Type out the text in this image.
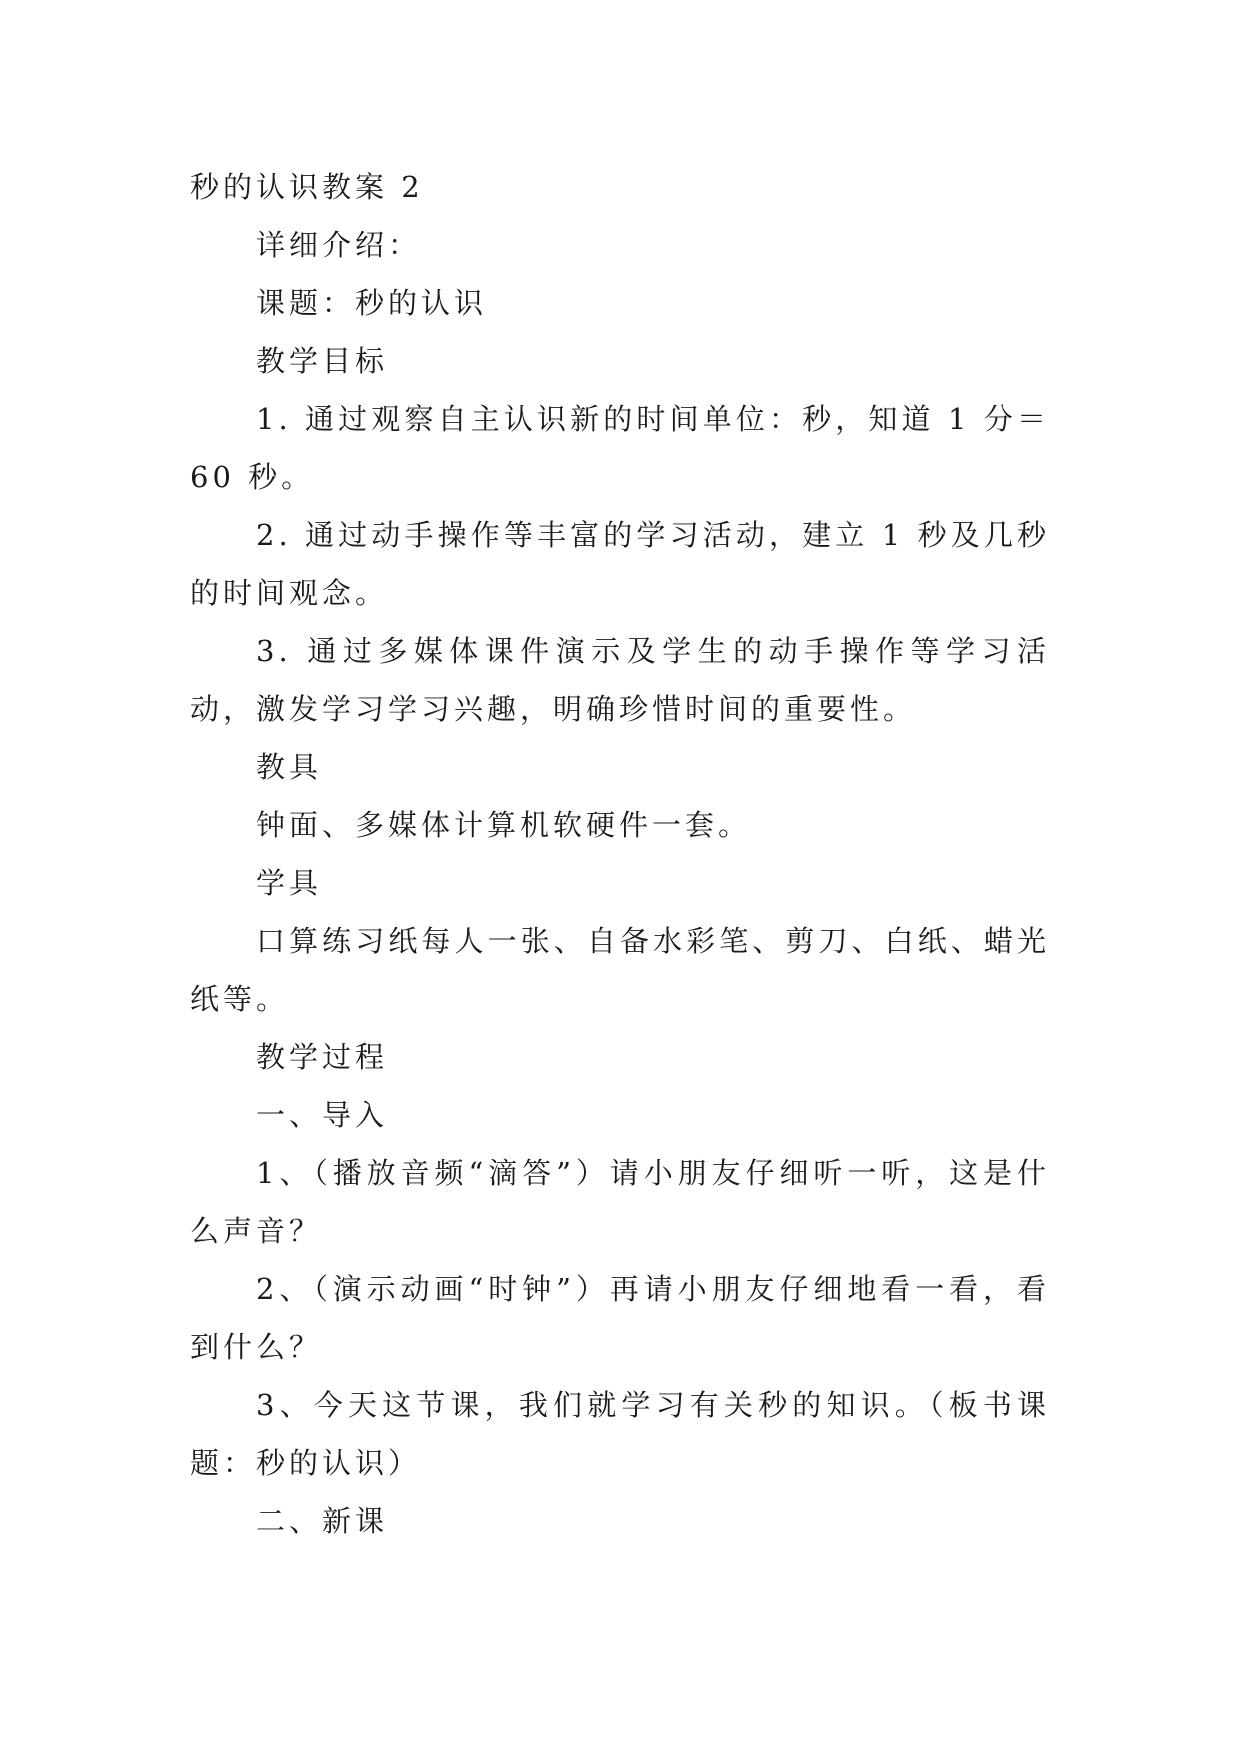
秒的认识教案 2

详细介绍：

课题：秒的认识

教学目标

1. 通过观察自主认识新的时间单位：秒，知道 1 分＝60 秒。

2. 通过动手操作等丰富的学习活动，建立 1 秒及几秒的时间观念。

3. 通过多媒体课件演示及学生的动手操作等学习活动，激发学习学习兴趣，明确珍惜时间的重要性。

教具

钟面、多媒体计算机软硬件一套。

学具

口算练习纸每人一张、自备水彩笔、剪刀、白纸、蜡光纸等。

教学过程

一、导入

1、（播放音频“滴答”）请小朋友仔细听一听，这是什么声音？

2、（演示动画“时钟”）再请小朋友仔细地看一看，看到什么？

3、今天这节课，我们就学习有关秒的知识。（板书课题：秒的认识）

二、新课
